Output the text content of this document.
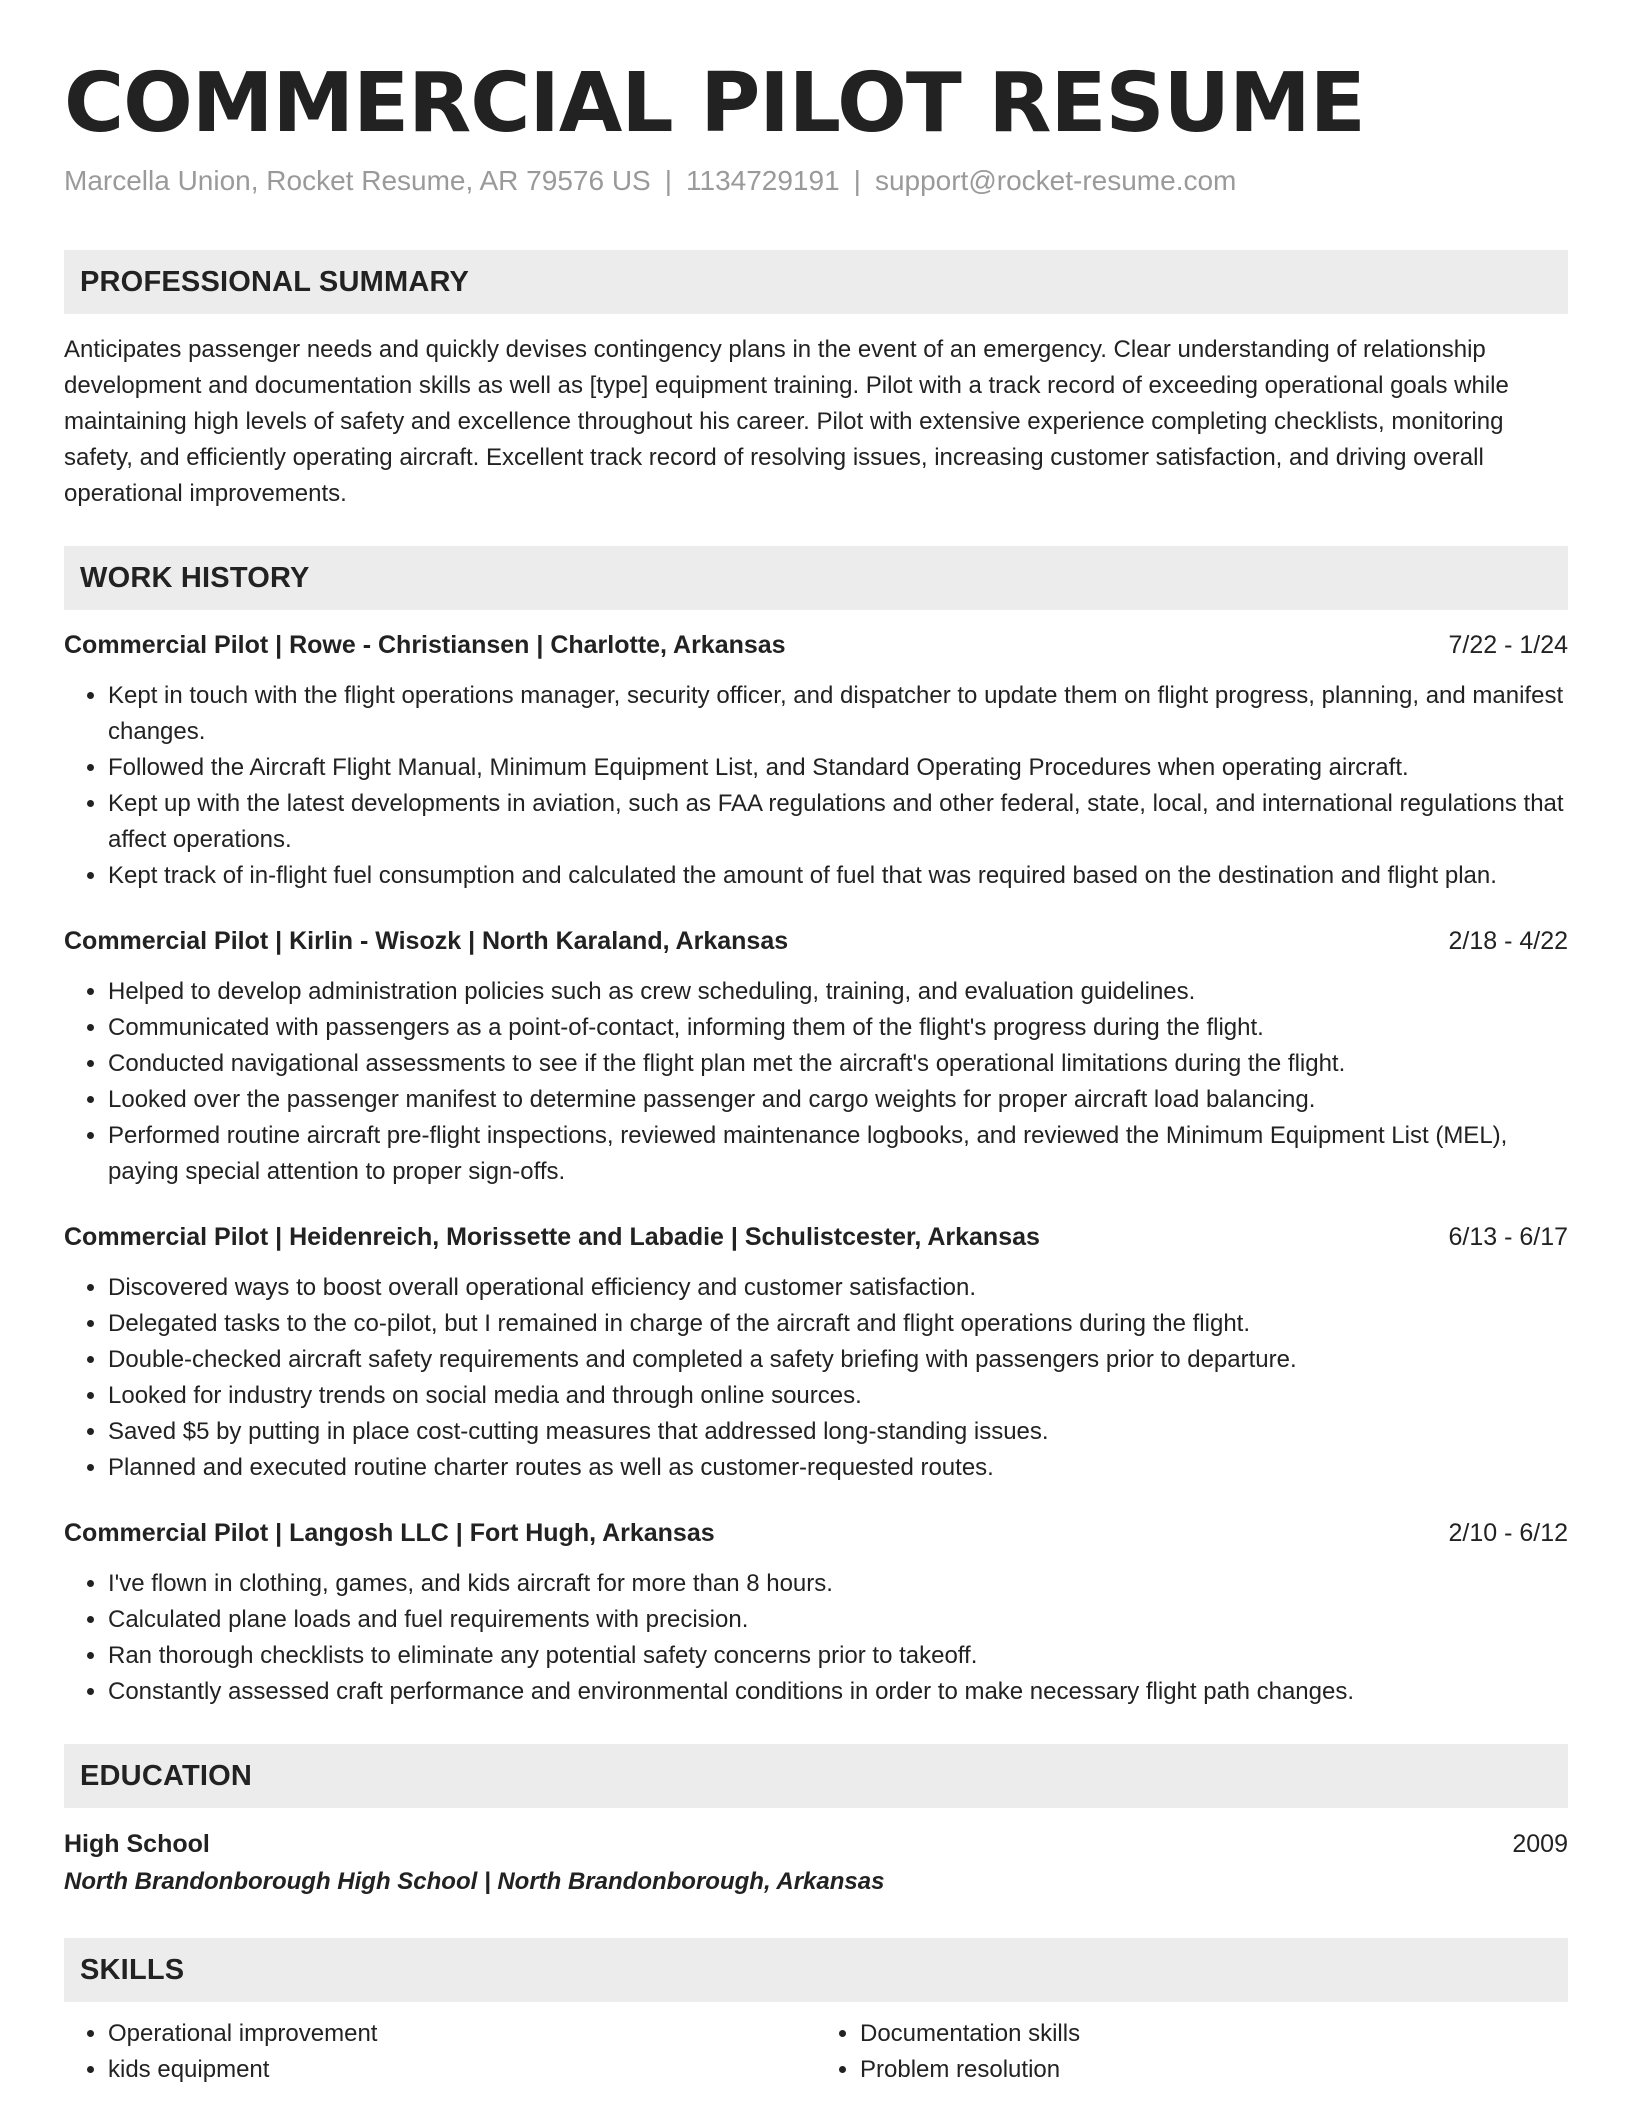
COMMERCIAL PILOT RESUME
Marcella Union, Rocket Resume, AR 79576 US | 1134729191 | support@rocket-resume.com
PROFESSIONAL SUMMARY
Anticipates passenger needs and quickly devises contingency plans in the event of an emergency. Clear understanding of relationship development and documentation skills as well as [type] equipment training. Pilot with a track record of exceeding operational goals while maintaining high levels of safety and excellence throughout his career. Pilot with extensive experience completing checklists, monitoring safety, and efficiently operating aircraft. Excellent track record of resolving issues, increasing customer satisfaction, and driving overall operational improvements.
WORK HISTORY
Commercial Pilot | Rowe - Christiansen | Charlotte, Arkansas	7/22 - 1/24
• Kept in touch with the flight operations manager, security officer, and dispatcher to update them on flight progress, planning, and manifest changes.
• Followed the Aircraft Flight Manual, Minimum Equipment List, and Standard Operating Procedures when operating aircraft.
• Kept up with the latest developments in aviation, such as FAA regulations and other federal, state, local, and international regulations that affect operations.
• Kept track of in-flight fuel consumption and calculated the amount of fuel that was required based on the destination and flight plan.
Commercial Pilot | Kirlin - Wisozk | North Karaland, Arkansas	2/18 - 4/22
• Helped to develop administration policies such as crew scheduling, training, and evaluation guidelines.
• Communicated with passengers as a point-of-contact, informing them of the flight's progress during the flight.
• Conducted navigational assessments to see if the flight plan met the aircraft's operational limitations during the flight.
• Looked over the passenger manifest to determine passenger and cargo weights for proper aircraft load balancing.
• Performed routine aircraft pre-flight inspections, reviewed maintenance logbooks, and reviewed the Minimum Equipment List (MEL), paying special attention to proper sign-offs.
Commercial Pilot | Heidenreich, Morissette and Labadie | Schulistcester, Arkansas	6/13 - 6/17
• Discovered ways to boost overall operational efficiency and customer satisfaction.
• Delegated tasks to the co-pilot, but I remained in charge of the aircraft and flight operations during the flight.
• Double-checked aircraft safety requirements and completed a safety briefing with passengers prior to departure.
• Looked for industry trends on social media and through online sources.
• Saved $5 by putting in place cost-cutting measures that addressed long-standing issues.
• Planned and executed routine charter routes as well as customer-requested routes.
Commercial Pilot | Langosh LLC | Fort Hugh, Arkansas	2/10 - 6/12
• I've flown in clothing, games, and kids aircraft for more than 8 hours.
• Calculated plane loads and fuel requirements with precision.
• Ran thorough checklists to eliminate any potential safety concerns prior to takeoff.
• Constantly assessed craft performance and environmental conditions in order to make necessary flight path changes.
EDUCATION
High School	2009
North Brandonborough High School | North Brandonborough, Arkansas
SKILLS
• Operational improvement
• kids equipment
• Documentation skills
• Problem resolution
